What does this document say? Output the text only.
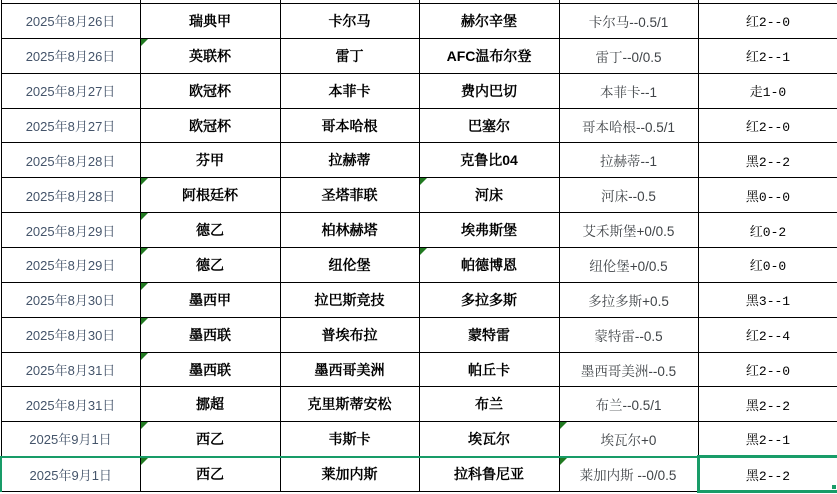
2025年8月26日	瑞典甲	卡尔马	赫尔辛堡	卡尔马--0.5/1	红2--0
2025年8月26日	英联杯	雷丁	AFC温布尔登	雷丁--0/0.5	红2--1
2025年8月27日	欧冠杯	本菲卡	费内巴切	本菲卡--1	走1-0
2025年8月27日	欧冠杯	哥本哈根	巴塞尔	哥本哈根--0.5/1	红2--0
2025年8月28日	芬甲	拉赫蒂	克鲁比04	拉赫蒂--1	黑2--2
2025年8月28日	阿根廷杯	圣塔菲联	河床	河床--0.5	黑0--0
2025年8月29日	德乙	柏林赫塔	埃弗斯堡	艾禾斯堡+0/0.5	红0-2
2025年8月29日	德乙	纽伦堡	帕德博恩	纽伦堡+0/0.5	红0-0
2025年8月30日	墨西甲	拉巴斯竞技	多拉多斯	多拉多斯+0.5	黑3--1
2025年8月30日	墨西联	普埃布拉	蒙特雷	蒙特雷--0.5	红2--4
2025年8月31日	墨西联	墨西哥美洲	帕丘卡	墨西哥美洲--0.5	红2--0
2025年8月31日	挪超	克里斯蒂安松	布兰	布兰--0.5/1	黑2--2
2025年9月1日	西乙	韦斯卡	埃瓦尔	埃瓦尔+0	黑2--1
2025年9月1日	西乙	莱加内斯	拉科鲁尼亚	莱加内斯 --0/0.5	黑2--2
